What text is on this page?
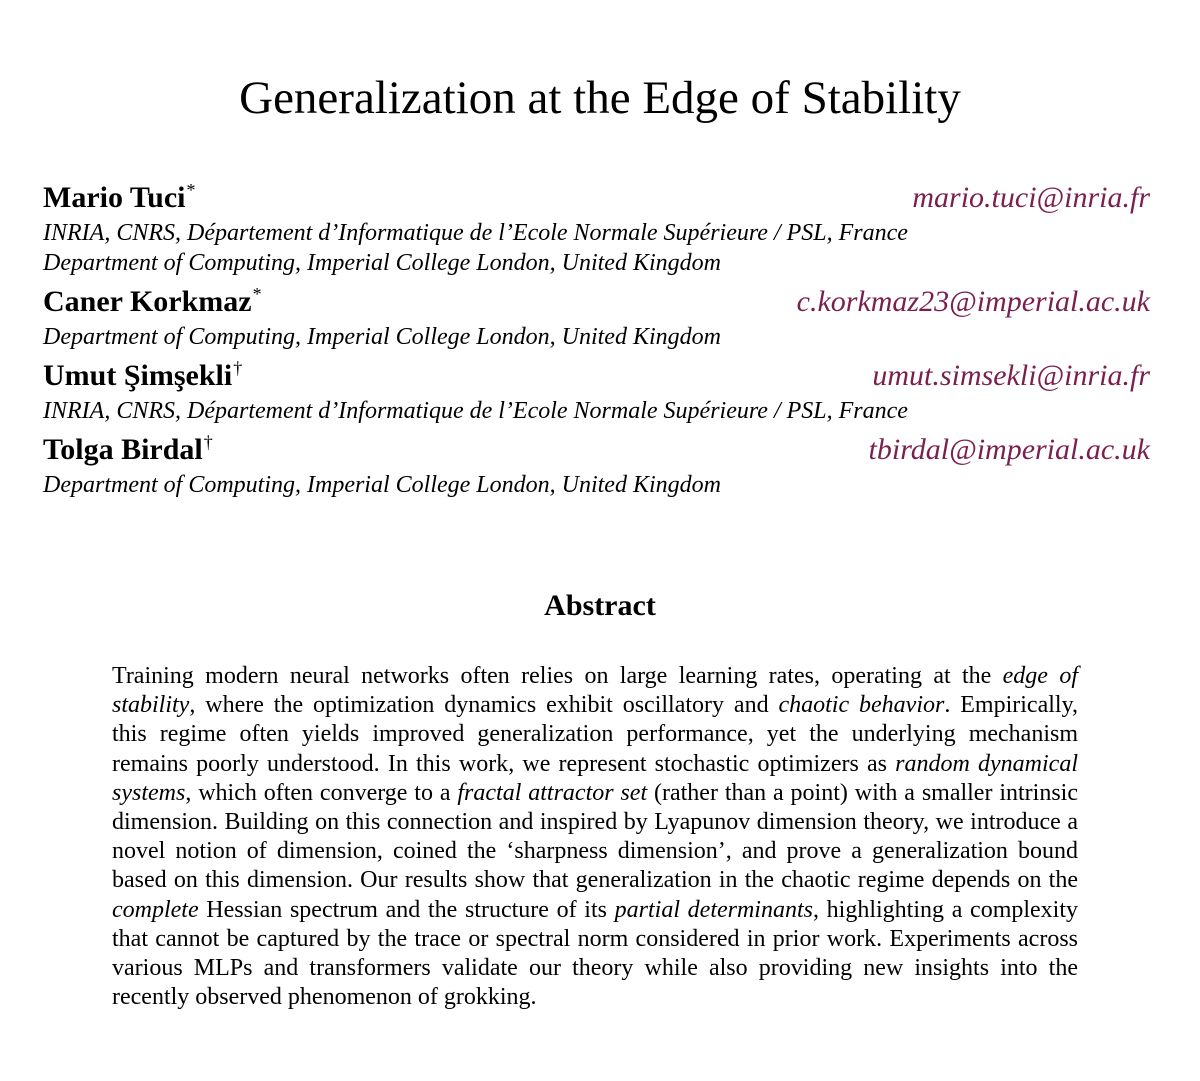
Generalization at the Edge of Stability
Mario Tuci*	mario.tuci@inria.fr

INRIA, CNRS, Département d’Informatique de l’Ecole Normale Supérieure / PSL, France

Department of Computing, Imperial College London, United Kingdom

Caner Korkmaz*	c.korkmaz23@imperial.ac.uk

Department of Computing, Imperial College London, United Kingdom

Umut Şimşekli†	umut.simsekli@inria.fr

INRIA, CNRS, Département d’Informatique de l’Ecole Normale Supérieure / PSL, France

Tolga Birdal†	tbirdal@imperial.ac.uk

Department of Computing, Imperial College London, United Kingdom

Abstract

Training modern neural networks often relies on large learning rates, operating at the edge of stability, where the optimization dynamics exhibit oscillatory and chaotic behavior. Empirically, this regime often yields improved generalization performance, yet the underlying mechanism remains poorly understood. In this work, we represent stochastic optimizers as random dynamical systems, which often converge to a fractal attractor set (rather than a point) with a smaller intrinsic dimension. Building on this connection and inspired by Lyapunov dimension theory, we introduce a novel notion of dimension, coined the ‘sharpness dimension’, and prove a generalization bound based on this dimension. Our results show that generalization in the chaotic regime depends on the complete Hessian spectrum and the structure of its partial determinants, highlighting a complexity that cannot be captured by the trace or spectral norm considered in prior work. Experiments across various MLPs and transformers validate our theory while also providing new insights into the recently observed phenomenon of grokking.
